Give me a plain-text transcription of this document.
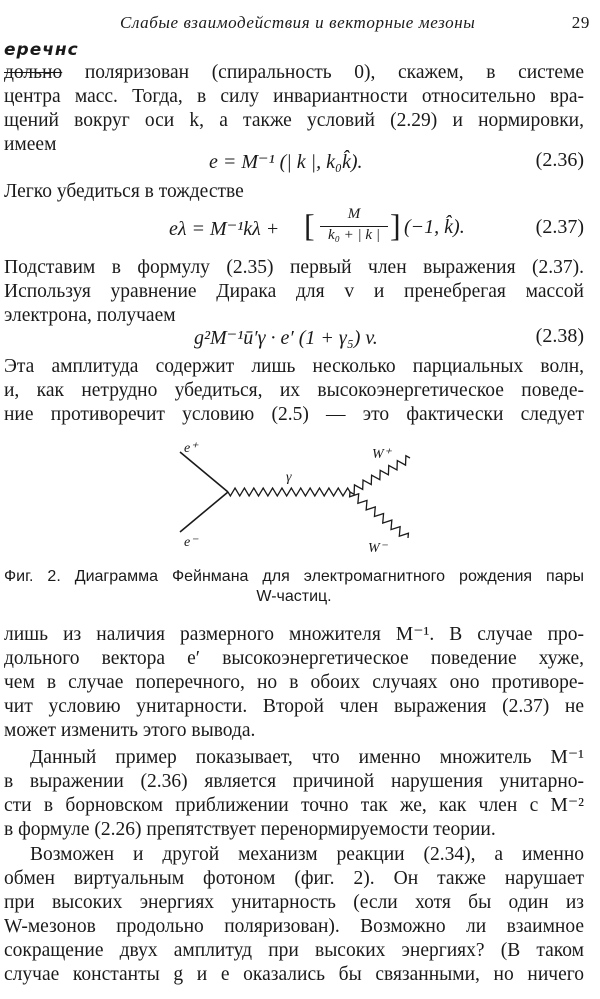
Слабые взаимодействия и векторные мезоны	29
еречнс
дольно поляризован (спиральность 0), скажем, в системе
центра масс. Тогда, в силу инвариантности относительно вра-
щений вокруг оси k, а также условий (2.29) и нормировки,
имеем
e = M⁻¹ (| k |, k₀k̂).	(2.36)
Легко убедиться в тождестве
eλ = M⁻¹kλ + [	M
k₀ + | k | ] (−1, k̂).	(2.37)
Подставим в формулу (2.35) первый член выражения (2.37).
Используя уравнение Дирака для v и пренебрегая массой
электрона, получаем
g²M⁻¹ū′γ · e′ (1 + γ₅) v.	(2.38)
Эта амплитуда содержит лишь несколько парциальных волн,
и, как нетрудно убедиться, их высокоэнергетическое поведе-
ние противоречит условию (2.5) — это фактически следует
e⁺
e⁻
γ
W⁺
W⁻
Фиг. 2. Диаграмма Фейнмана для электромагнитного рождения пары
W-частиц.
лишь из наличия размерного множителя M⁻¹. В случае про-
дольного вектора e′ высокоэнергетическое поведение хуже,
чем в случае поперечного, но в обоих случаях оно противоре-
чит условию унитарности. Второй член выражения (2.37) не
может изменить этого вывода.
Данный пример показывает, что именно множитель M⁻¹
в выражении (2.36) является причиной нарушения унитарно-
сти в борновском приближении точно так же, как член с M⁻²
в формуле (2.26) препятствует перенормируемости теории.
Возможен и другой механизм реакции (2.34), а именно
обмен виртуальным фотоном (фиг. 2). Он также нарушает
при высоких энергиях унитарность (если хотя бы один из
W-мезонов продольно поляризован). Возможно ли взаимное
сокращение двух амплитуд при высоких энергиях? (В таком
случае константы g и e оказались бы связанными, но ничего
